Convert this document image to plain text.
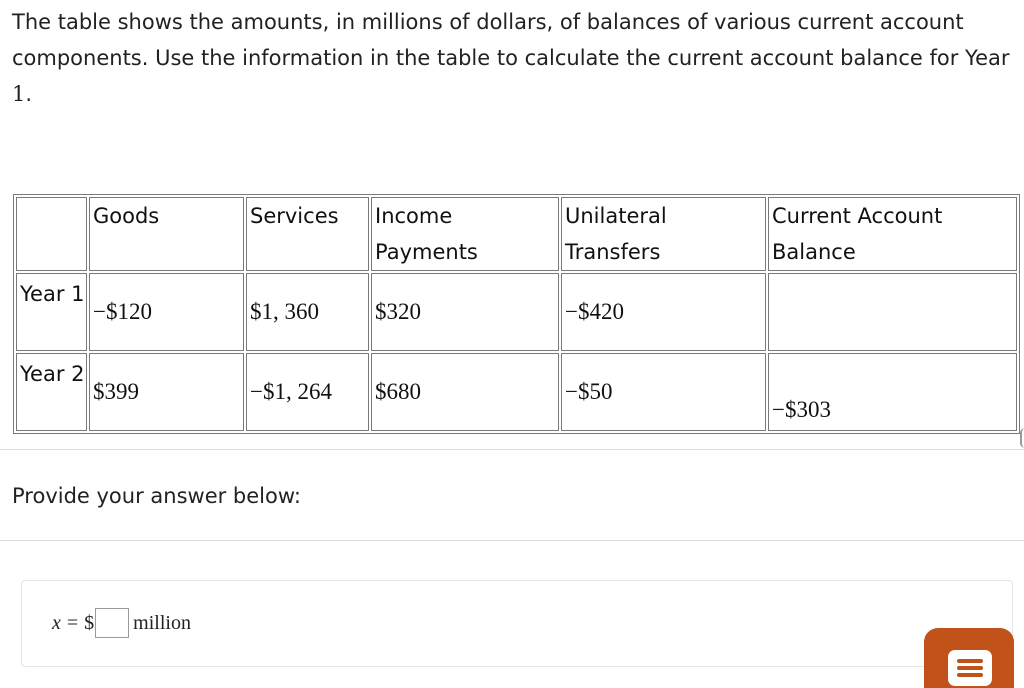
The table shows the amounts, in millions of dollars, of balances of various current account components. Use the information in the table to calculate the current account balance for Year 1.
	Goods	Services	Income Payments	Unilateral Transfers	Current Account Balance
Year 1	−$120	$1, 360	$320	−$420	
Year 2	$399	−$1, 264	$680	−$50	−$303
Provide your answer below:
x = $ million
